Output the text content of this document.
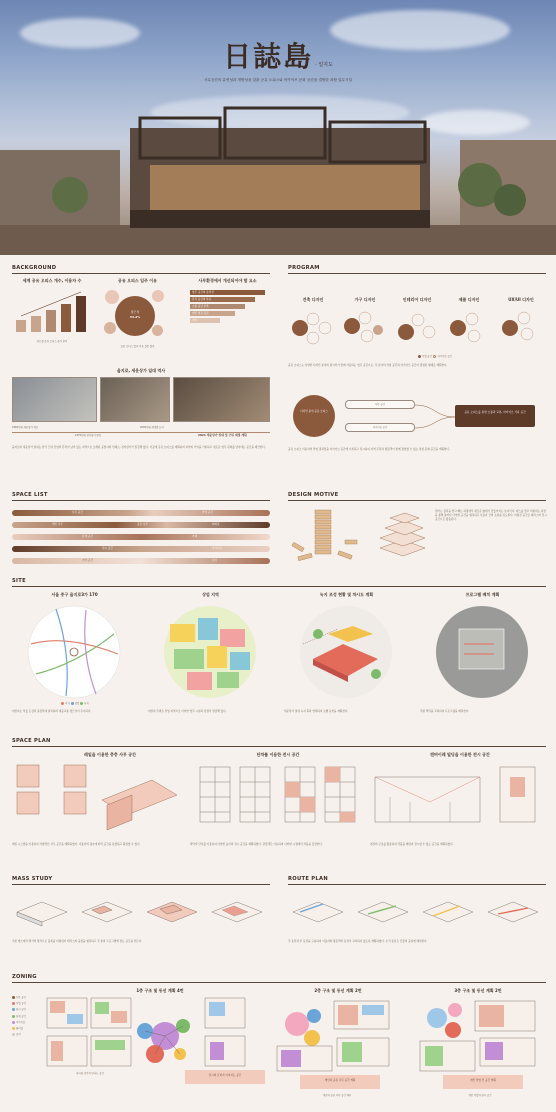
日誌島 · 일지도
사무공간의 유연성과 개방성을 갖춘 공유 오피스와 아카이브 문화 공간을 결합한 복합 업무시설
BACKGROUND
세계 공유 오피스 개수, 이용자 수
연도별 공유 오피스 증가 추이
공유 오피스 입주 이유
접근성
34.2%
공유 오피스 입주 이유 설문 결과
사무환경에서 개선되어야 할 요소
업무 공간의 유연성
휴식 공간의 부족
소통 공간 부족
개인 업무 공간
기타
을지로, 세운상가 일대 역사
1960년대 세운상가 착공
1970년대 전자상가 번성
2000년대 재개발 논의
2021 세운상가 일대 및 근린 재생 계획
을지로와 세운상가 일대는 한국 근대 산업의 흔적이 남아 있는 지역으로 오래된 공업사와 인쇄소, 전자상가가 밀집해 있다. 이곳에 공유 오피스를 계획하여 지역의 기억을 기록하고 새로운 업무 문화를 담아내는 공간을 제안한다.
PROGRAM
건축 디자인	가구 디자인	인테리어 디자인	제품 디자인	UX/UI 디자인
작업 공간 아카이브 공간
공유 오피스는 다양한 디자인 분야의 종사자가 함께 사용하는 업무 공간으로, 각 분야의 작업 공간과 아카이브 공간이 결합된 형태로 계획한다.
디자인 분야 공유 오피스
사무 공간
아카이브 공간
공유 오피스를 통한 소통과 교류, 아카이브 기록 공간
공유 오피스 이용자의 작업 결과물을 아카이브 공간에 기록하고 전시하여 지역 주민과 방문객이 함께 경험할 수 있는 복합 문화 공간을 계획한다.
SPACE LIST
사무 공간	작업 공간
개인 사무	공유 사무	회의실
휴게 공간	카페
전시 공간	아카이브
기타 공간	로비
DESIGN MOTIVE
젠가는 블록을 쌓고 빼는 과정에서 새로운 형태가 만들어지는 놀이이다. 매스를 쌓고 비워내는 과정을 통해 층마다 다양한 공간을 형성하고 사용자 간의 소통을 유도한다. 비워진 공간은 테라스와 전시 공간으로 활용된다.
SITE
서울 중구 을지로3가 170	상업 지역	녹지 조성 현황 및 차시도 계획	프로그램 배치 계획
주거 상업 녹지
대상지는 서울 도심의 중심부에 위치하며 대중교통 접근성이 우수하다.	대상지 주변은 상업 지역으로 다양한 업무 시설과 상점이 밀집해 있다.	세운상가 일대 녹지 축과 연계하여 보행 동선을 계획한다.	주변 맥락을 고려하여 프로그램을 배치한다.
SPACE PLAN
레일을 이용한 층층 사무 공간	단차를 이용한 전시 공간	캔버이레 빌딩을 이용한 전시 공간
레일 시스템을 이용하여 가변적인 사무 공간을 계획하였다. 이용자의 필요에 따라 공간을 분할하고 확장할 수 있다.	바닥의 단차를 이용하여 다양한 높이의 전시 공간을 계획하였다. 관람객은 이동하며 다양한 시점에서 작품을 감상한다.	천장의 구조를 활용하여 작품을 매달아 전시할 수 있는 공간을 계획하였다.
MASS STUDY
기본 매스에서 젠가의 방식으로 블록을 비워내어 테라스와 중정을 형성하고 각 층의 프로그램에 맞는 공간을 만든다.
ROUTE PLAN
주 동선과 부 동선을 구분하여 이용자와 방문객의 동선이 교차하지 않도록 계획하였다. 수직 동선은 건물의 중심에 배치한다.
ZONING
1층 구조 및 동선 계획 4번	2층 구조 및 동선 계획 2번	3층 구조 및 동선 계획 2번
사무 공간
작업 공간
전시 공간
휴게 공간
아카이브
회의실
로비
전시와 로비가 이어지는 공간
전시와 로비가 만나는 공간
개인과 공유 사무 공간 계획	개인 작업 인 공간 계획
개인과 공유 사무 공간 배치	개인 작업과 전시 공간
